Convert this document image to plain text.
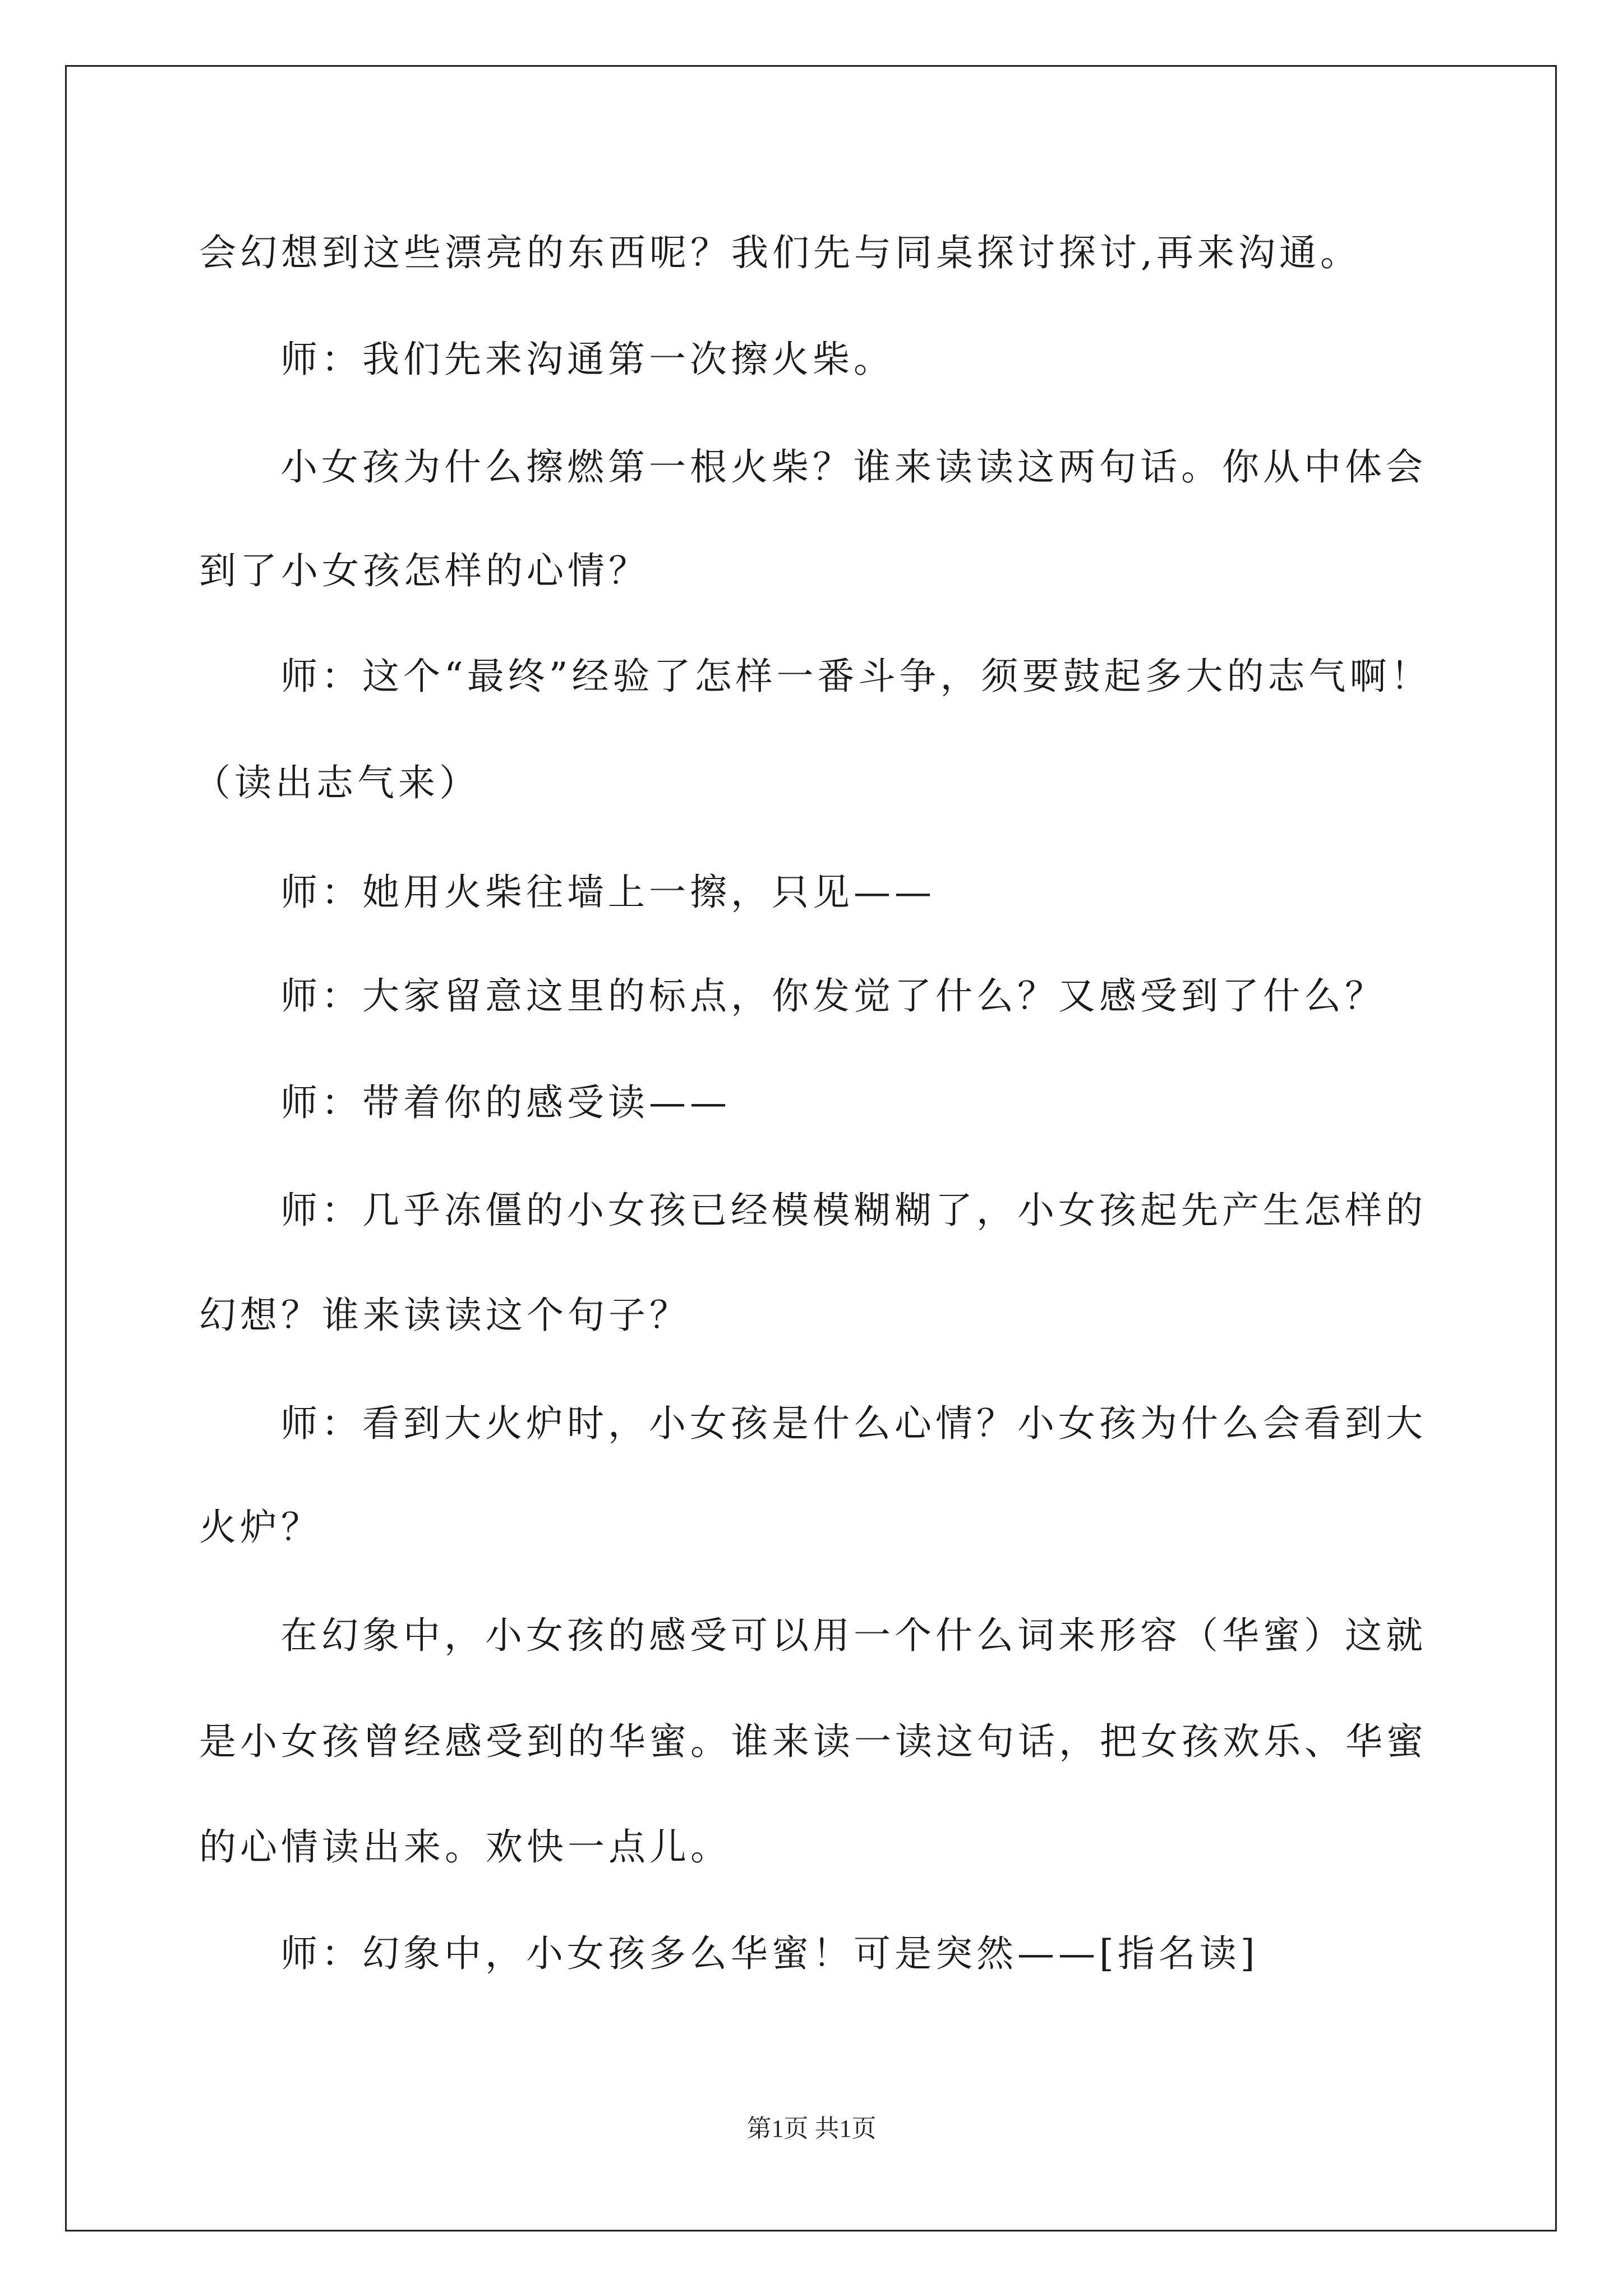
会幻想到这些漂亮的东西呢？我们先与同桌探讨探讨,再来沟通。
师：我们先来沟通第一次擦火柴。
小女孩为什么擦燃第一根火柴？谁来读读这两句话。你从中体会
到了小女孩怎样的心情？
师：这个“最终”经验了怎样一番斗争，须要鼓起多大的志气啊！
（读出志气来）
师：她用火柴往墙上一擦，只见——
师：大家留意这里的标点，你发觉了什么？又感受到了什么？
师：带着你的感受读——
师：几乎冻僵的小女孩已经模模糊糊了，小女孩起先产生怎样的
幻想？谁来读读这个句子？
师：看到大火炉时，小女孩是什么心情？小女孩为什么会看到大
火炉？
在幻象中，小女孩的感受可以用一个什么词来形容（华蜜）这就
是小女孩曾经感受到的华蜜。谁来读一读这句话，把女孩欢乐、华蜜
的心情读出来。欢快一点儿。
师：幻象中，小女孩多么华蜜！可是突然——[指名读]
第1页 共1页
